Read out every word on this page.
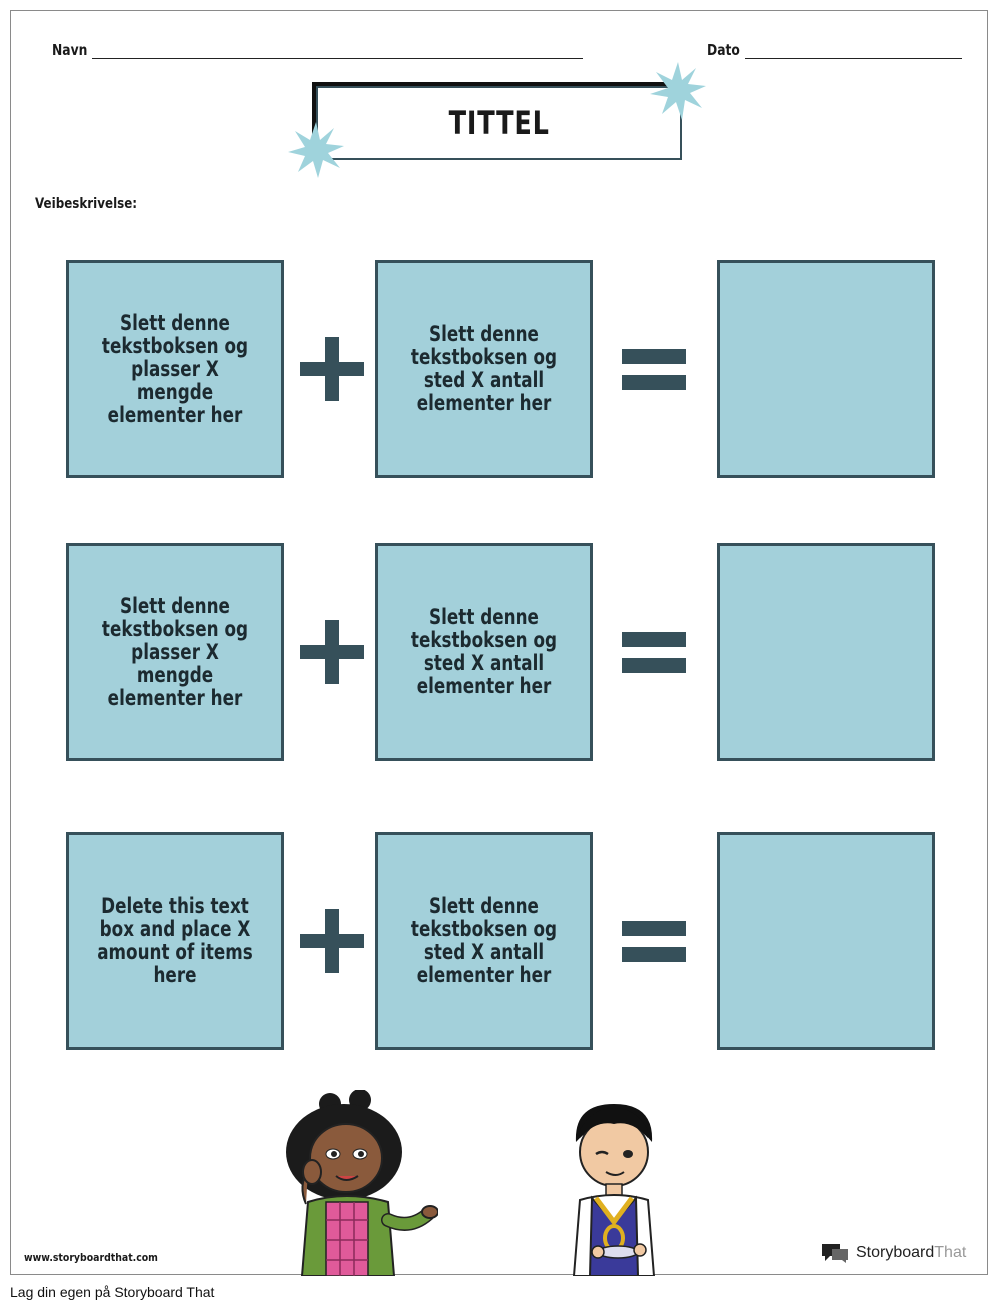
Navn	Dato
TITTEL
Veibeskrivelse:
Slett denne
tekstboksen og
plasser X
mengde
elementer her
Slett denne
tekstboksen og
sted X antall
elementer her
Slett denne
tekstboksen og
plasser X
mengde
elementer her
Slett denne
tekstboksen og
sted X antall
elementer her
Delete this text
box and place X
amount of items
here
Slett denne
tekstboksen og
sted X antall
elementer her
www.storyboardthat.com	StoryboardThat
Lag din egen på Storyboard That
